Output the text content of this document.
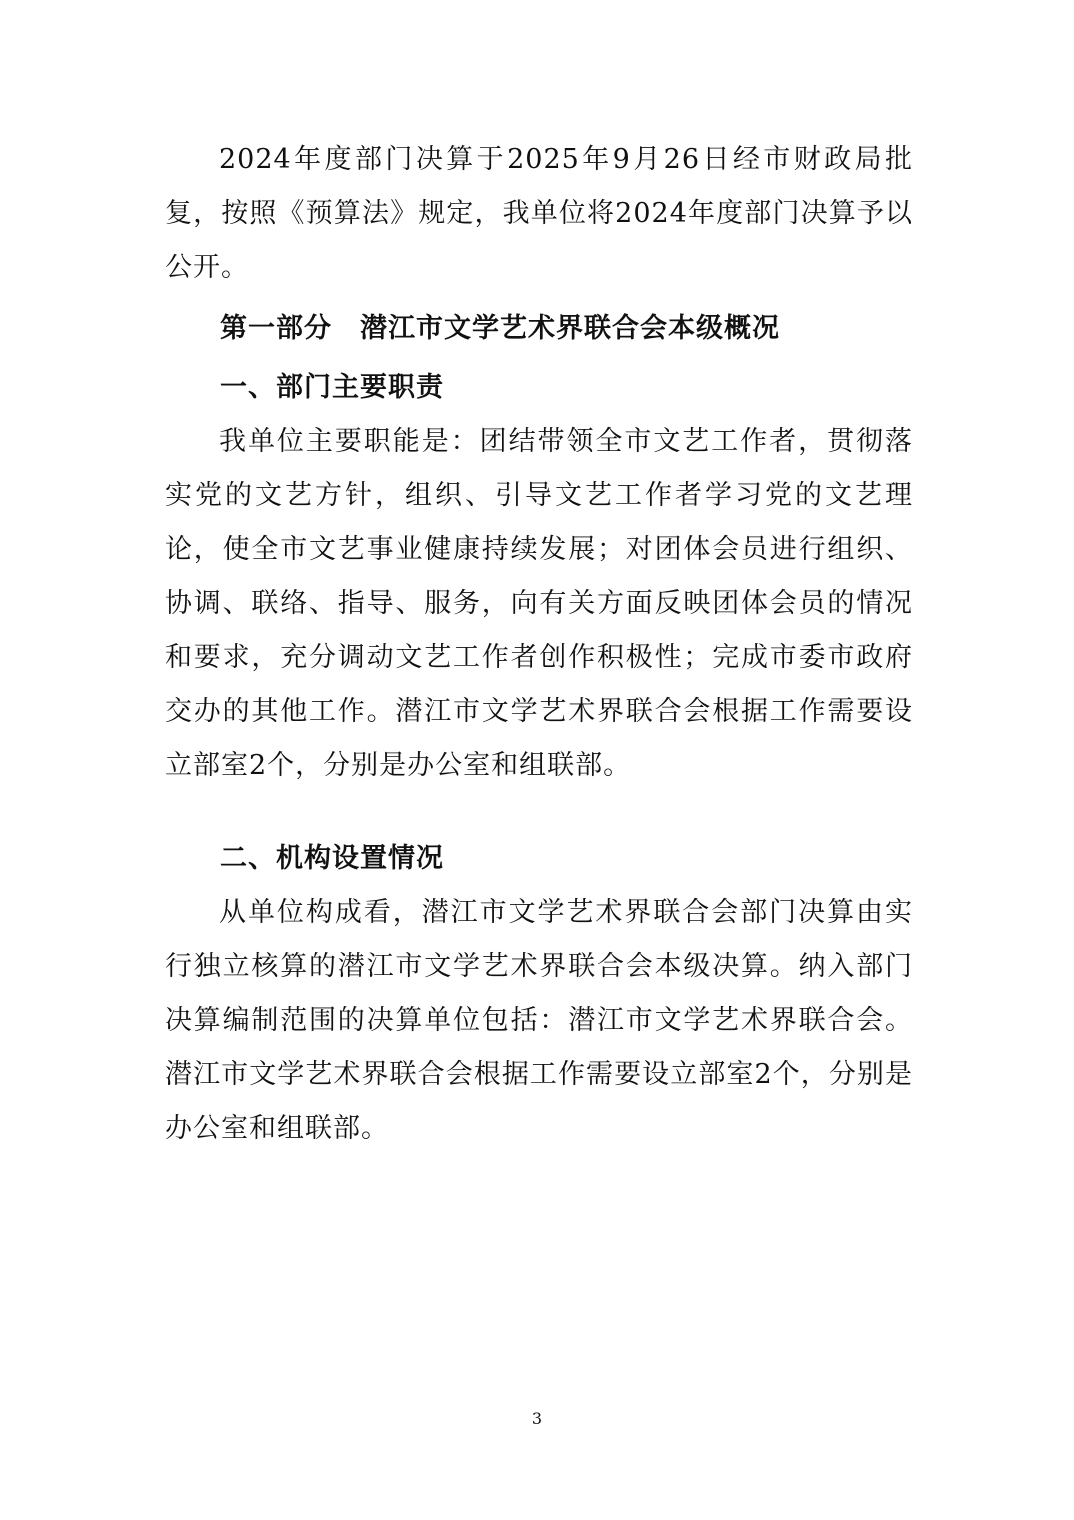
2024年度部门决算于2025年9月26日经市财政局批复，按照《预算法》规定，我单位将2024年度部门决算予以公开。

第一部分　潜江市文学艺术界联合会本级概况
一、部门主要职责

我单位主要职能是：团结带领全市文艺工作者，贯彻落实党的文艺方针，组织、引导文艺工作者学习党的文艺理论，使全市文艺事业健康持续发展；对团体会员进行组织、协调、联络、指导、服务，向有关方面反映团体会员的情况和要求，充分调动文艺工作者创作积极性；完成市委市政府交办的其他工作。潜江市文学艺术界联合会根据工作需要设立部室2个，分别是办公室和组联部。

二、机构设置情况

从单位构成看，潜江市文学艺术界联合会部门决算由实行独立核算的潜江市文学艺术界联合会本级决算。纳入部门决算编制范围的决算单位包括：潜江市文学艺术界联合会。潜江市文学艺术界联合会根据工作需要设立部室2个，分别是办公室和组联部。

3
